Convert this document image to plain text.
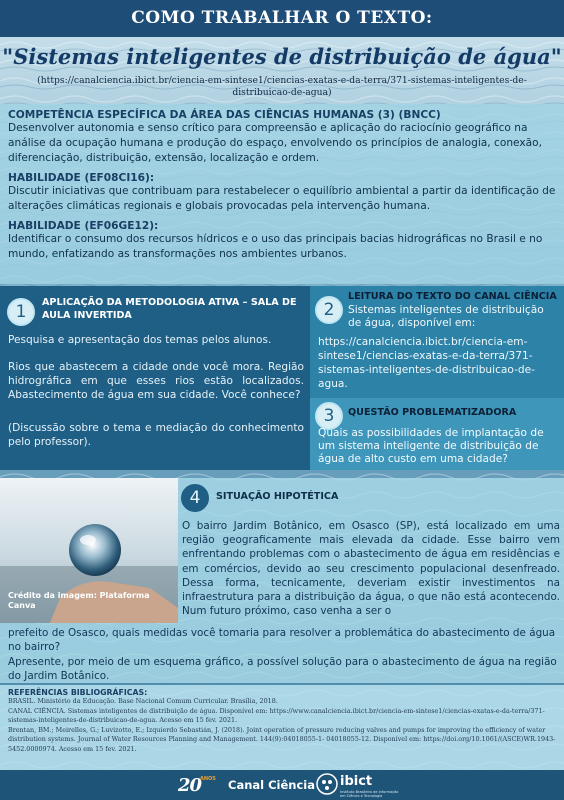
COMO TRABALHAR O TEXTO:
"Sistemas inteligentes de distribuição de água"
(https://canalciencia.ibict.br/ciencia-em-sintese1/ciencias-exatas-e-da-terra/371-sistemas-inteligentes-de-distribuicao-de-agua)
COMPETÊNCIA ESPECÍFICA DA ÁREA DAS CIÊNCIAS HUMANAS (3) (BNCC)
Desenvolver autonomia e senso crítico para compreensão e aplicação do raciocínio geográfico na análise da ocupação humana e produção do espaço, envolvendo os princípios de analogia, conexão, diferenciação, distribuição, extensão, localização e ordem.
HABILIDADE (EF08CI16):
Discutir iniciativas que contribuam para restabelecer o equilíbrio ambiental a partir da identificação de alterações climáticas regionais e globais provocadas pela intervenção humana.
HABILIDADE (EF06GE12):
Identificar o consumo dos recursos hídricos e o uso das principais bacias hidrográficas no Brasil e no mundo, enfatizando as transformações nos ambientes urbanos.
1	APLICAÇÃO DA METODOLOGIA ATIVA – SALA DE AULA INVERTIDA
Pesquisa e apresentação dos temas pelos alunos.
Rios que abastecem a cidade onde você mora. Região hidrográfica em que esses rios estão localizados. Abastecimento de água em sua cidade. Você conhece?
(Discussão sobre o tema e mediação do conhecimento pelo professor).
2
LEITURA DO TEXTO DO CANAL CIÊNCIA
Sistemas inteligentes de distribuição de água, disponível em:
https://canalciencia.ibict.br/ciencia-em-sintese1/ciencias-exatas-e-da-terra/371-sistemas-inteligentes-de-distribuicao-de-agua.
3	QUESTÃO PROBLEMATIZADORA
Quais as possibilidades de implantação de um sistema inteligente de distribuição de água de alto custo em uma cidade?
Crédito da imagem: Plataforma Canva
4	SITUAÇÃO HIPOTÉTICA
O bairro Jardim Botânico, em Osasco (SP), está localizado em uma região geograficamente mais elevada da cidade. Esse bairro vem enfrentando problemas com o abastecimento de água em residências e em comércios, devido ao seu crescimento populacional desenfreado. Dessa forma, tecnicamente, deveriam existir investimentos na infraestrutura para a distribuição da água, o que não está acontecendo. Num futuro próximo, caso venha a ser o
prefeito de Osasco, quais medidas você tomaria para resolver a problemática do abastecimento de água no bairro?
Apresente, por meio de um esquema gráfico, a possível solução para o abastecimento de água na região do Jardim Botânico.
REFERÊNCIAS BIBLIOGRÁFICAS:
BRASIL. Ministério da Educação. Base Nacional Comum Curricular. Brasília, 2018.
CANAL CIÊNCIA. Sistemas inteligentes de distribuição de água. Disponível em: https://www.canalciencia.ibict.br/ciencia-em-sintese1/ciencias-exatas-e-da-terra/371-sistemas-inteligentes-de-distribuicao-de-agua. Acesso em 15 fev. 2021.
Brentan, BM.; Meirelles, G.; Luvizotto, E.; Izquierdo Sebastián, J. (2018). Joint operation of pressure reducing valves and pumps for improving the efficiency of water distribution systems. Journal of Water Resources Planning and Management. 144(9):04018055-1- 04018055-12. Disponível em: https://doi.org/10.1061/(ASCE)WR.1943-5452.0000974. Acesso em 15 fev. 2021.
20
ANOS Canal Ciência ibict
Instituto Brasileiro de Informação em Ciência e Tecnologia
